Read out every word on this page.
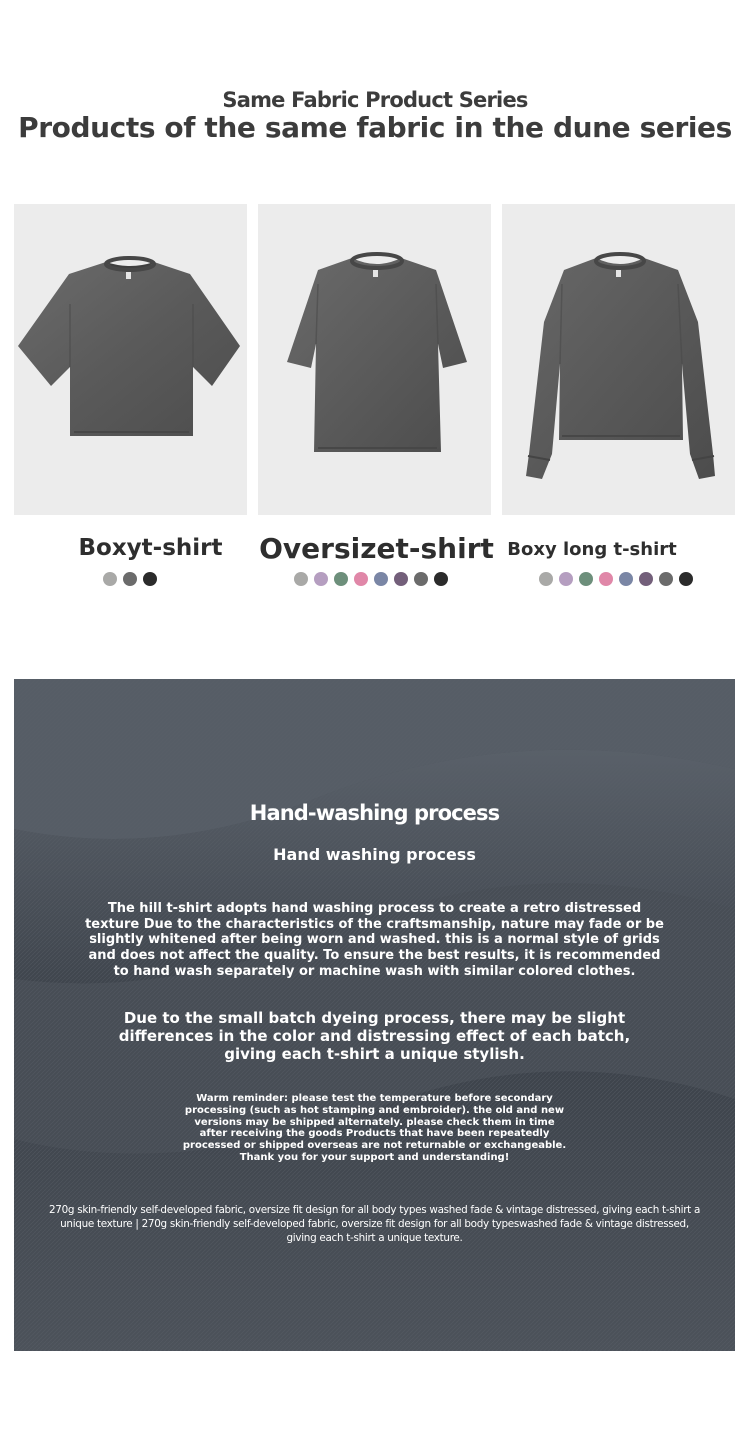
Same Fabric Product Series
Products of the same fabric in the dune series
Boxyt-shirt	Oversizet-shirt Boxy long t-shirt
Hand-washing process
Hand washing process
The hill t-shirt adopts hand washing process to create a retro distressed texture Due to the characteristics of the craftsmanship, nature may fade or be slightly whitened after being worn and washed. this is a normal style of grids and does not affect the quality. To ensure the best results, it is recommended to hand wash separately or machine wash with similar colored clothes.
Due to the small batch dyeing process, there may be slight differences in the color and distressing effect of each batch, giving each t-shirt a unique stylish.
Warm reminder: please test the temperature before secondary processing (such as hot stamping and embroider). the old and new versions may be shipped alternately. please check them in time after receiving the goods Products that have been repeatedly processed or shipped overseas are not returnable or exchangeable. Thank you for your support and understanding!
270g skin-friendly self-developed fabric, oversize fit design for all body types washed fade & vintage distressed, giving each t-shirt a unique texture | 270g skin-friendly self-developed fabric, oversize fit design for all body typeswashed fade & vintage distressed, giving each t-shirt a unique texture.
